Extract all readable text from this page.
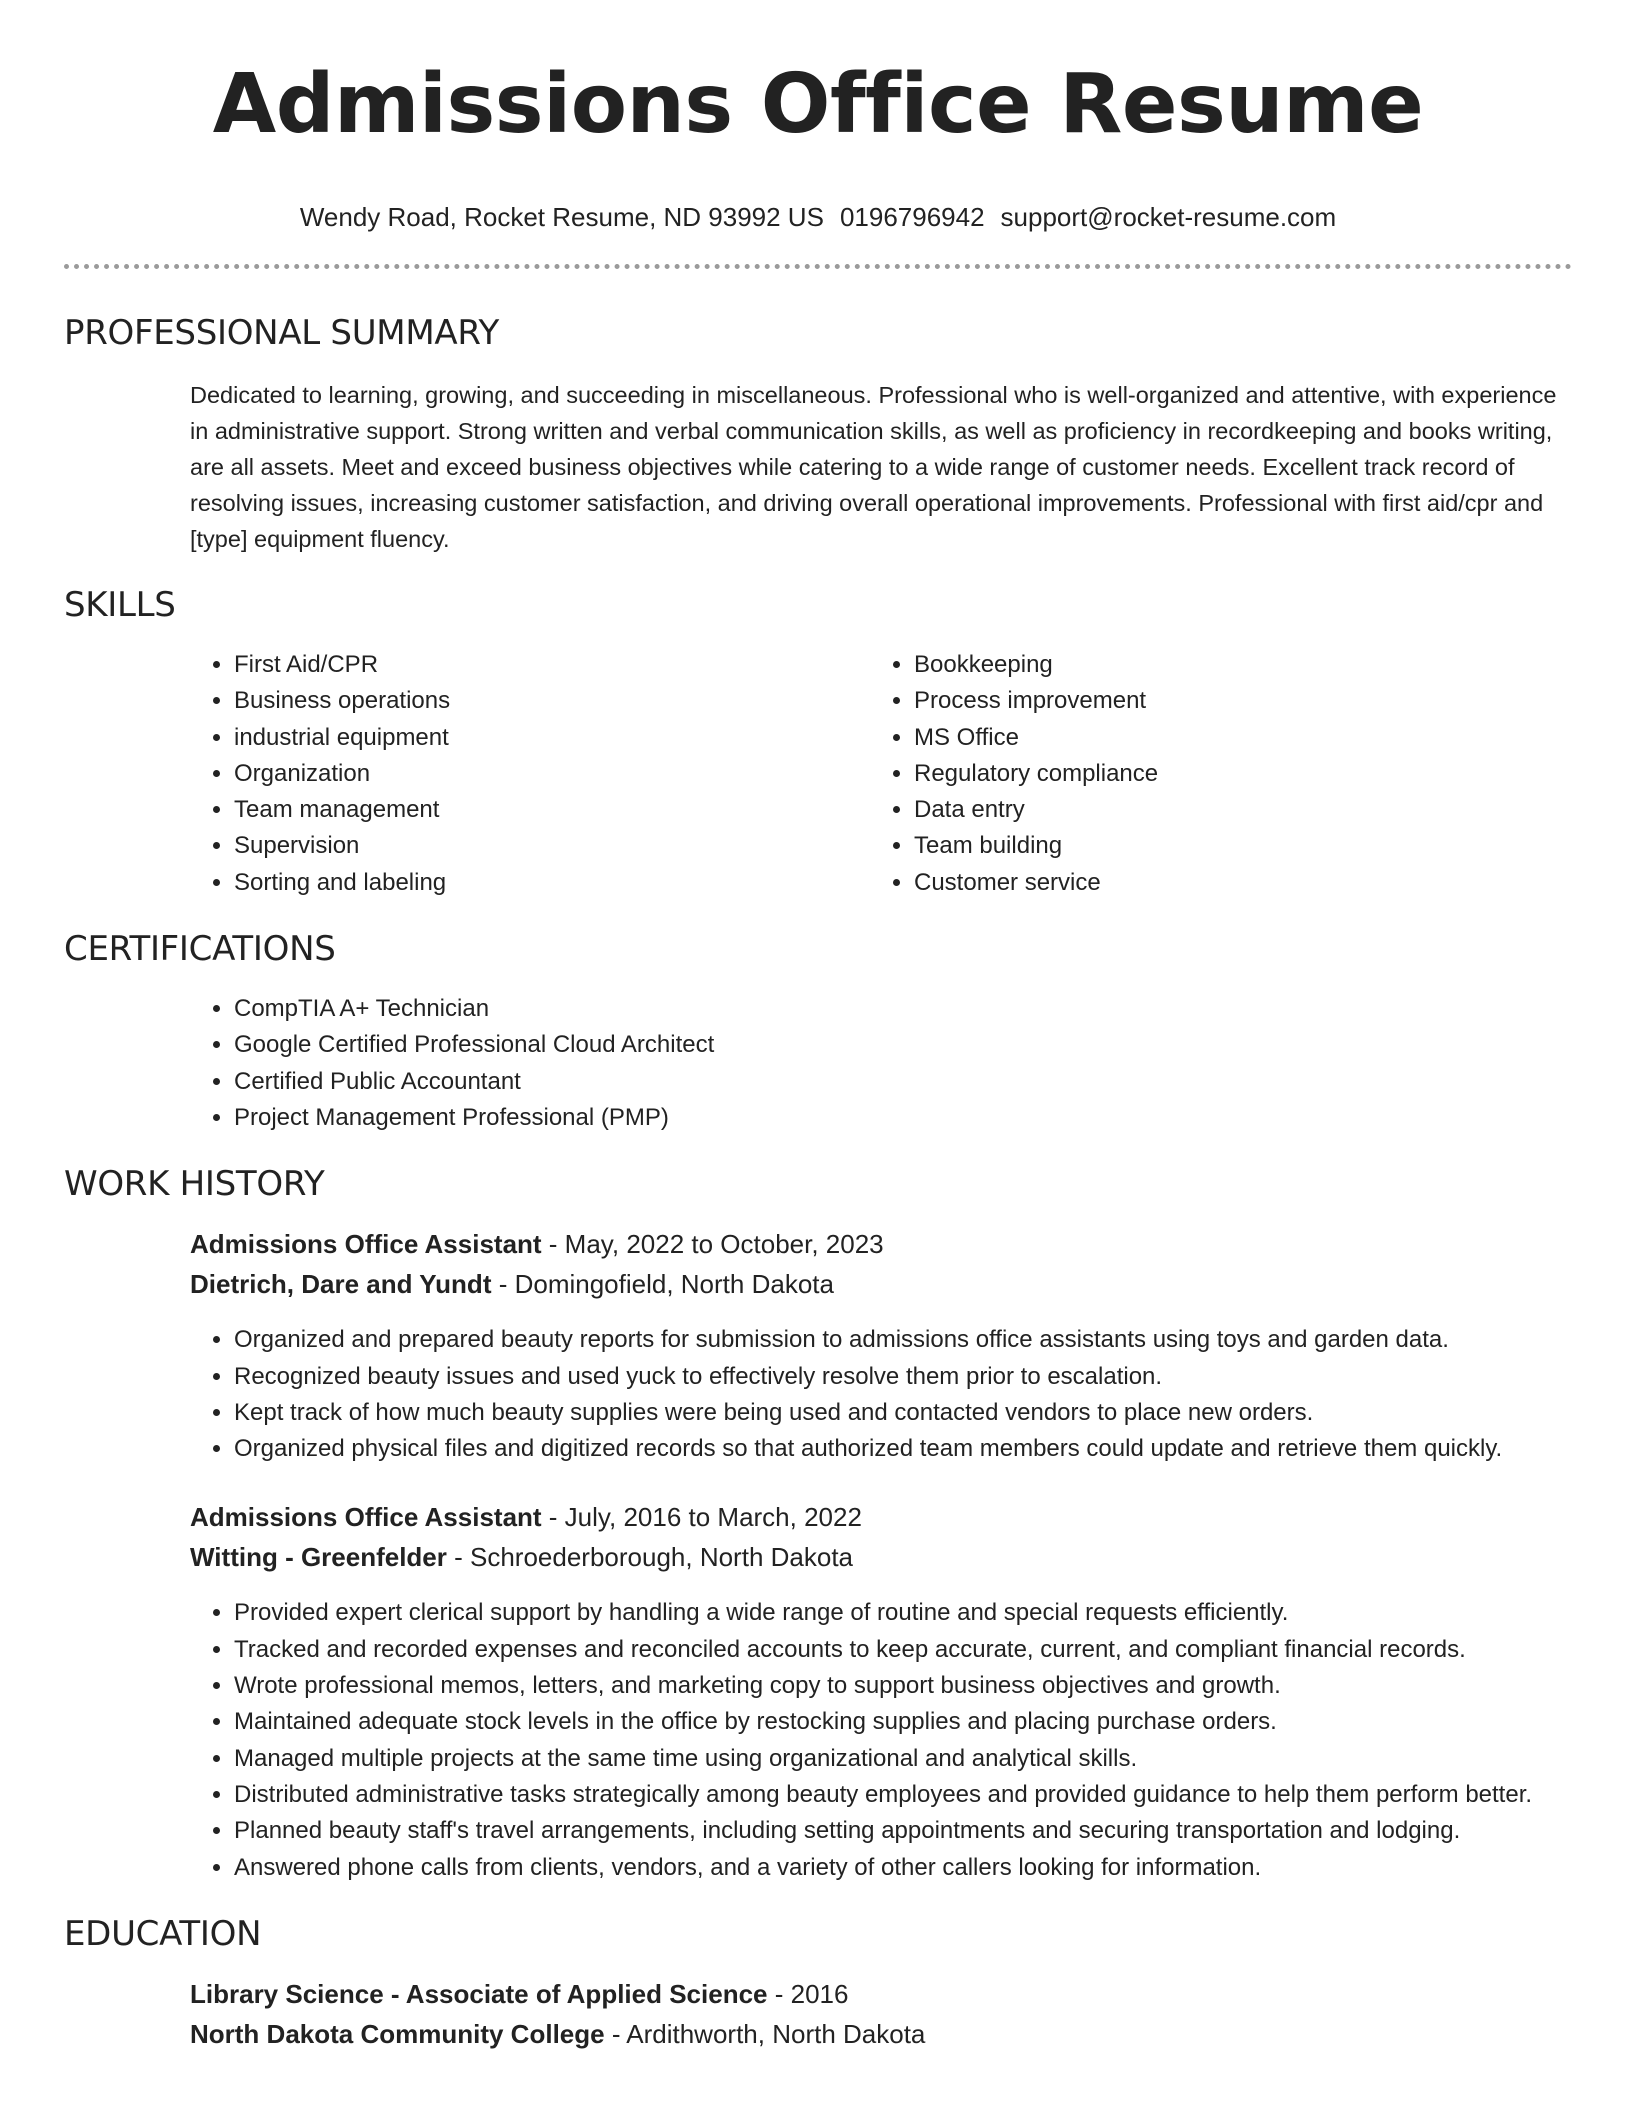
Admissions Office Resume
Wendy Road, Rocket Resume, ND 93992 US 0196796942 support@rocket-resume.com
PROFESSIONAL SUMMARY

Dedicated to learning, growing, and succeeding in miscellaneous. Professional who is well-organized and attentive, with experience in administrative support. Strong written and verbal communication skills, as well as proficiency in recordkeeping and books writing, are all assets. Meet and exceed business objectives while catering to a wide range of customer needs. Excellent track record of resolving issues, increasing customer satisfaction, and driving overall operational improvements. Professional with first aid/cpr and [type] equipment fluency.

SKILLS
• First Aid/CPR
• Business operations
• industrial equipment
• Organization
• Team management
• Supervision
• Sorting and labeling
• Bookkeeping
• Process improvement
• MS Office
• Regulatory compliance
• Data entry
• Team building
• Customer service
CERTIFICATIONS
• CompTIA A+ Technician
• Google Certified Professional Cloud Architect
• Certified Public Accountant
• Project Management Professional (PMP)
WORK HISTORY
Admissions Office Assistant - May, 2022 to October, 2023
Dietrich, Dare and Yundt - Domingofield, North Dakota
• Organized and prepared beauty reports for submission to admissions office assistants using toys and garden data.
• Recognized beauty issues and used yuck to effectively resolve them prior to escalation.
• Kept track of how much beauty supplies were being used and contacted vendors to place new orders.
• Organized physical files and digitized records so that authorized team members could update and retrieve them quickly.
Admissions Office Assistant - July, 2016 to March, 2022
Witting - Greenfelder - Schroederborough, North Dakota
• Provided expert clerical support by handling a wide range of routine and special requests efficiently.
• Tracked and recorded expenses and reconciled accounts to keep accurate, current, and compliant financial records.
• Wrote professional memos, letters, and marketing copy to support business objectives and growth.
• Maintained adequate stock levels in the office by restocking supplies and placing purchase orders.
• Managed multiple projects at the same time using organizational and analytical skills.
• Distributed administrative tasks strategically among beauty employees and provided guidance to help them perform better.
• Planned beauty staff's travel arrangements, including setting appointments and securing transportation and lodging.
• Answered phone calls from clients, vendors, and a variety of other callers looking for information.
EDUCATION
Library Science - Associate of Applied Science - 2016
North Dakota Community College - Ardithworth, North Dakota
